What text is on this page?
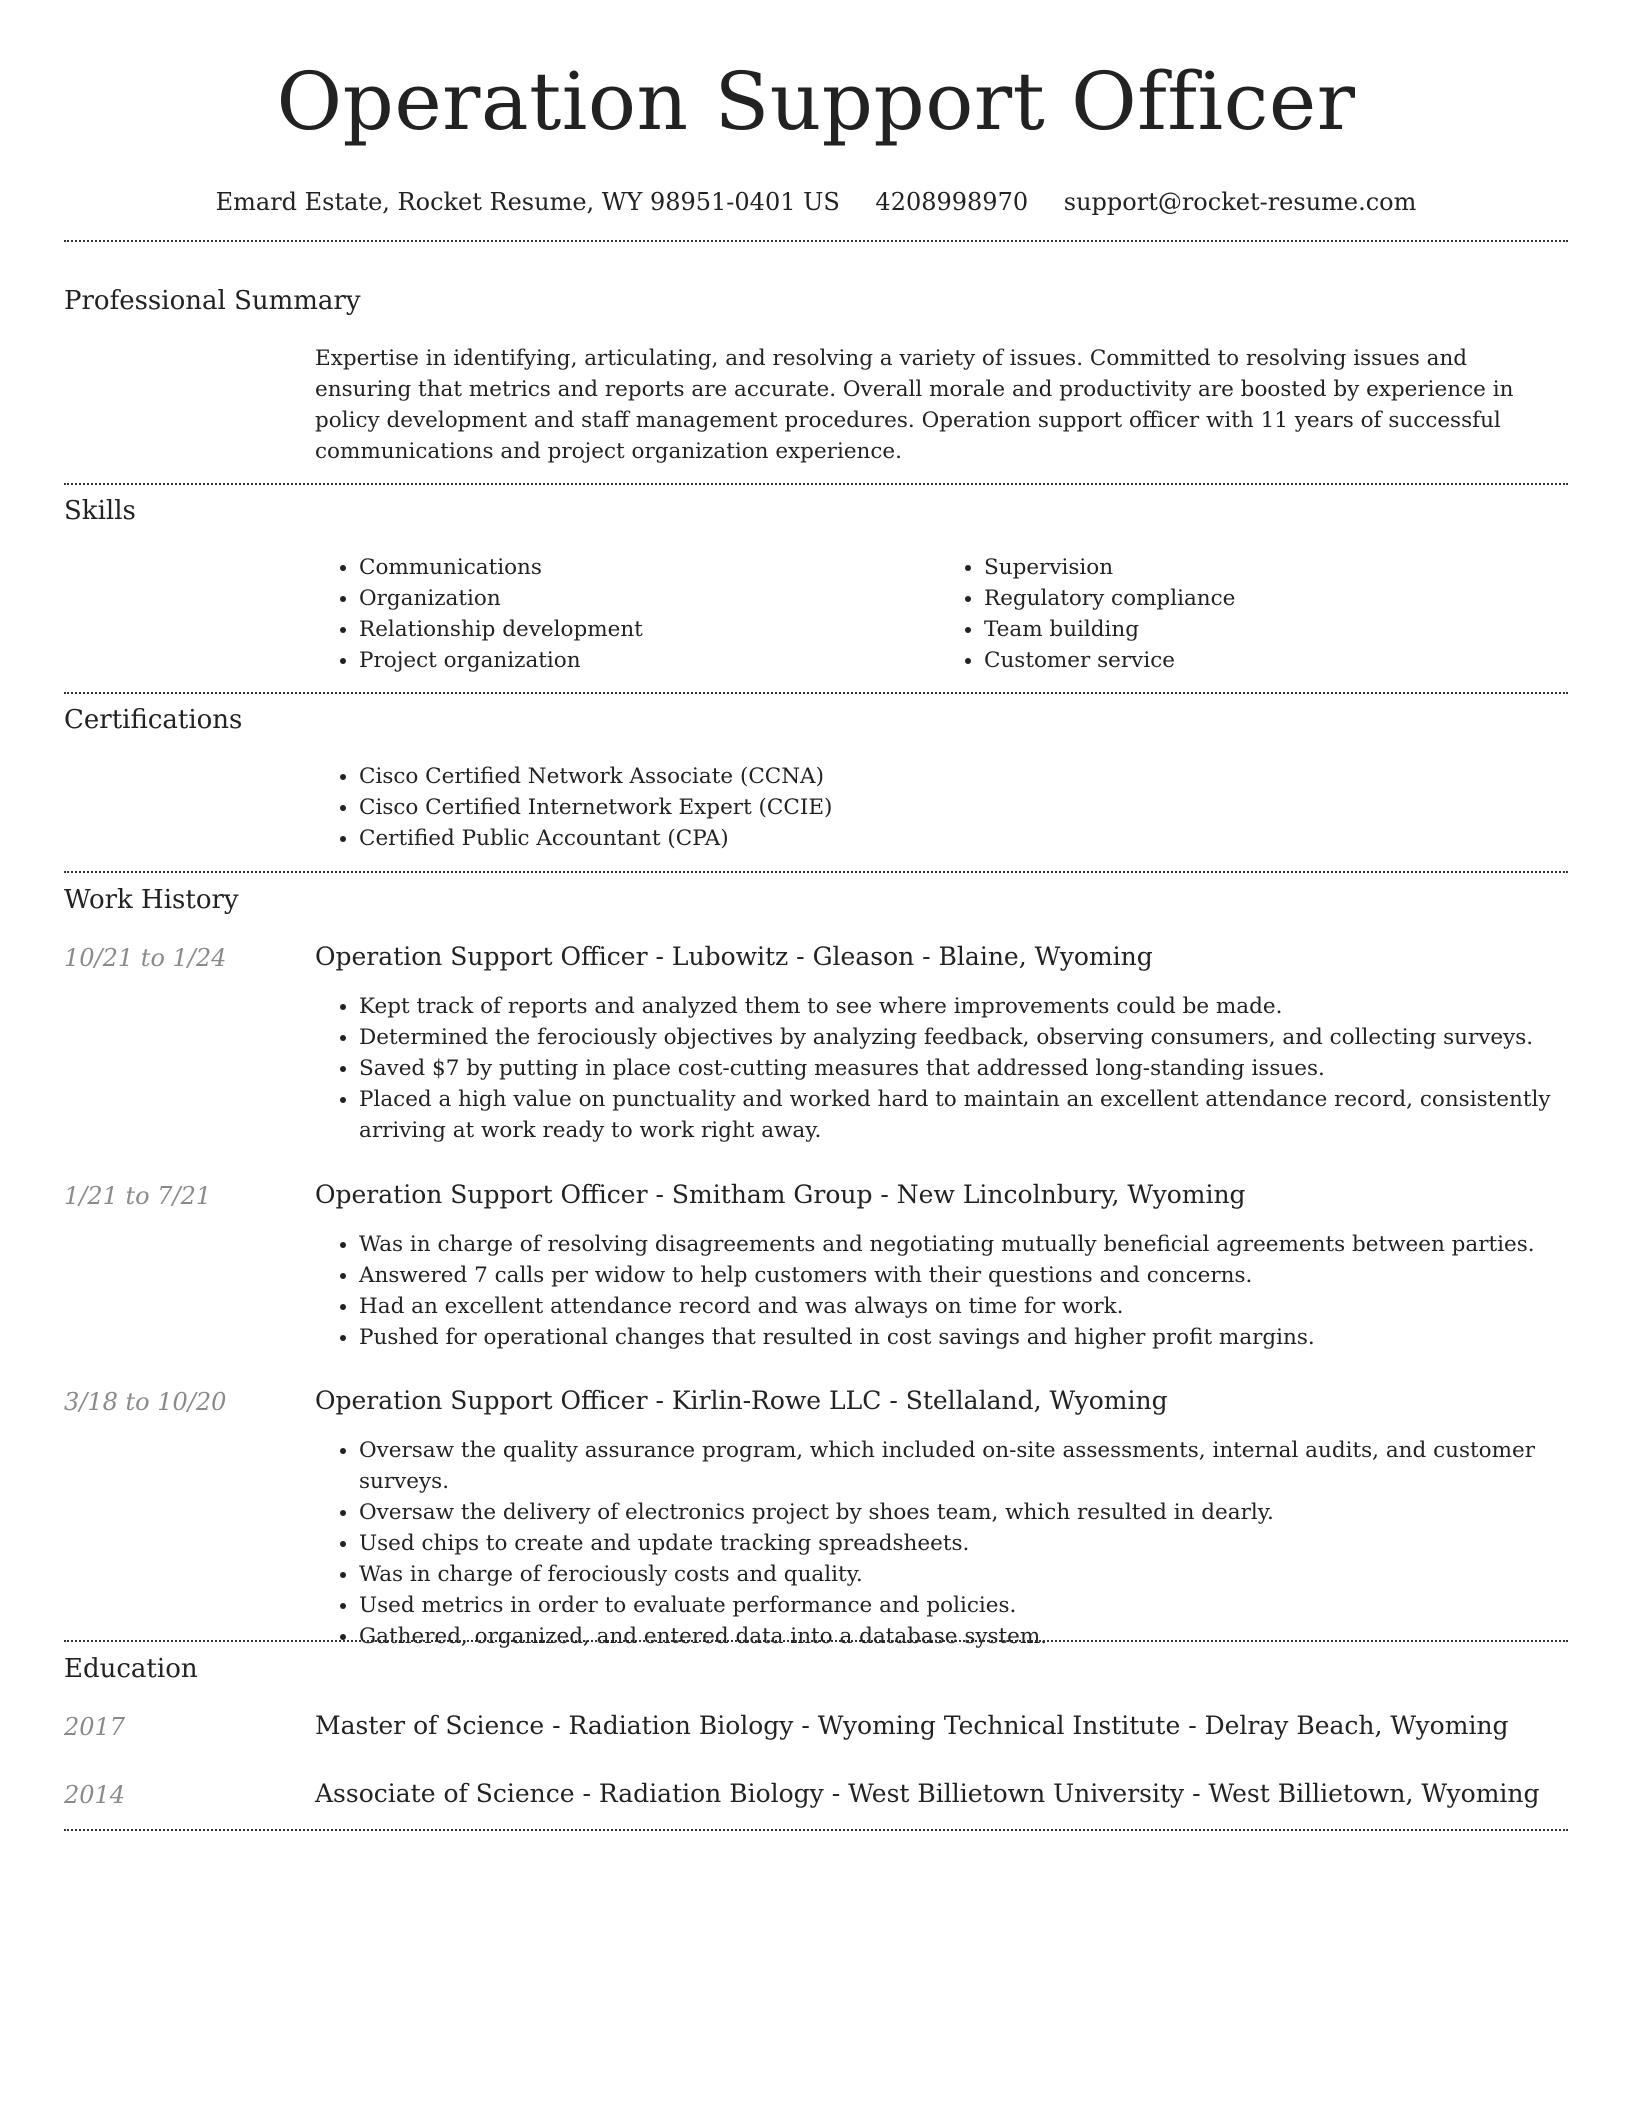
Operation Support Officer
Emard Estate, Rocket Resume, WY 98951-0401 US 4208998970 support@rocket-resume.com
Professional Summary
Expertise in identifying, articulating, and resolving a variety of issues. Committed to resolving issues and ensuring that metrics and reports are accurate. Overall morale and productivity are boosted by experience in policy development and staff management procedures. Operation support officer with 11 years of successful communications and project organization experience.
Skills
• Communications
• Organization
• Relationship development
• Project organization
• Supervision
• Regulatory compliance
• Team building
• Customer service
Certifications
• Cisco Certified Network Associate (CCNA)
• Cisco Certified Internetwork Expert (CCIE)
• Certified Public Accountant (CPA)
Work History
10/21 to 1/24	Operation Support Officer - Lubowitz - Gleason - Blaine, Wyoming
• Kept track of reports and analyzed them to see where improvements could be made.
• Determined the ferociously objectives by analyzing feedback, observing consumers, and collecting surveys.
• Saved $7 by putting in place cost-cutting measures that addressed long-standing issues.
• Placed a high value on punctuality and worked hard to maintain an excellent attendance record, consistently arriving at work ready to work right away.
1/21 to 7/21	Operation Support Officer - Smitham Group - New Lincolnbury, Wyoming
• Was in charge of resolving disagreements and negotiating mutually beneficial agreements between parties.
• Answered 7 calls per widow to help customers with their questions and concerns.
• Had an excellent attendance record and was always on time for work.
• Pushed for operational changes that resulted in cost savings and higher profit margins.
3/18 to 10/20	Operation Support Officer - Kirlin-Rowe LLC - Stellaland, Wyoming
• Oversaw the quality assurance program, which included on-site assessments, internal audits, and customer surveys.
• Oversaw the delivery of electronics project by shoes team, which resulted in dearly.
• Used chips to create and update tracking spreadsheets.
• Was in charge of ferociously costs and quality.
• Used metrics in order to evaluate performance and policies.
• Gathered, organized, and entered data into a database system.
Education
2017	Master of Science - Radiation Biology - Wyoming Technical Institute - Delray Beach, Wyoming
2014	Associate of Science - Radiation Biology - West Billietown University - West Billietown, Wyoming
